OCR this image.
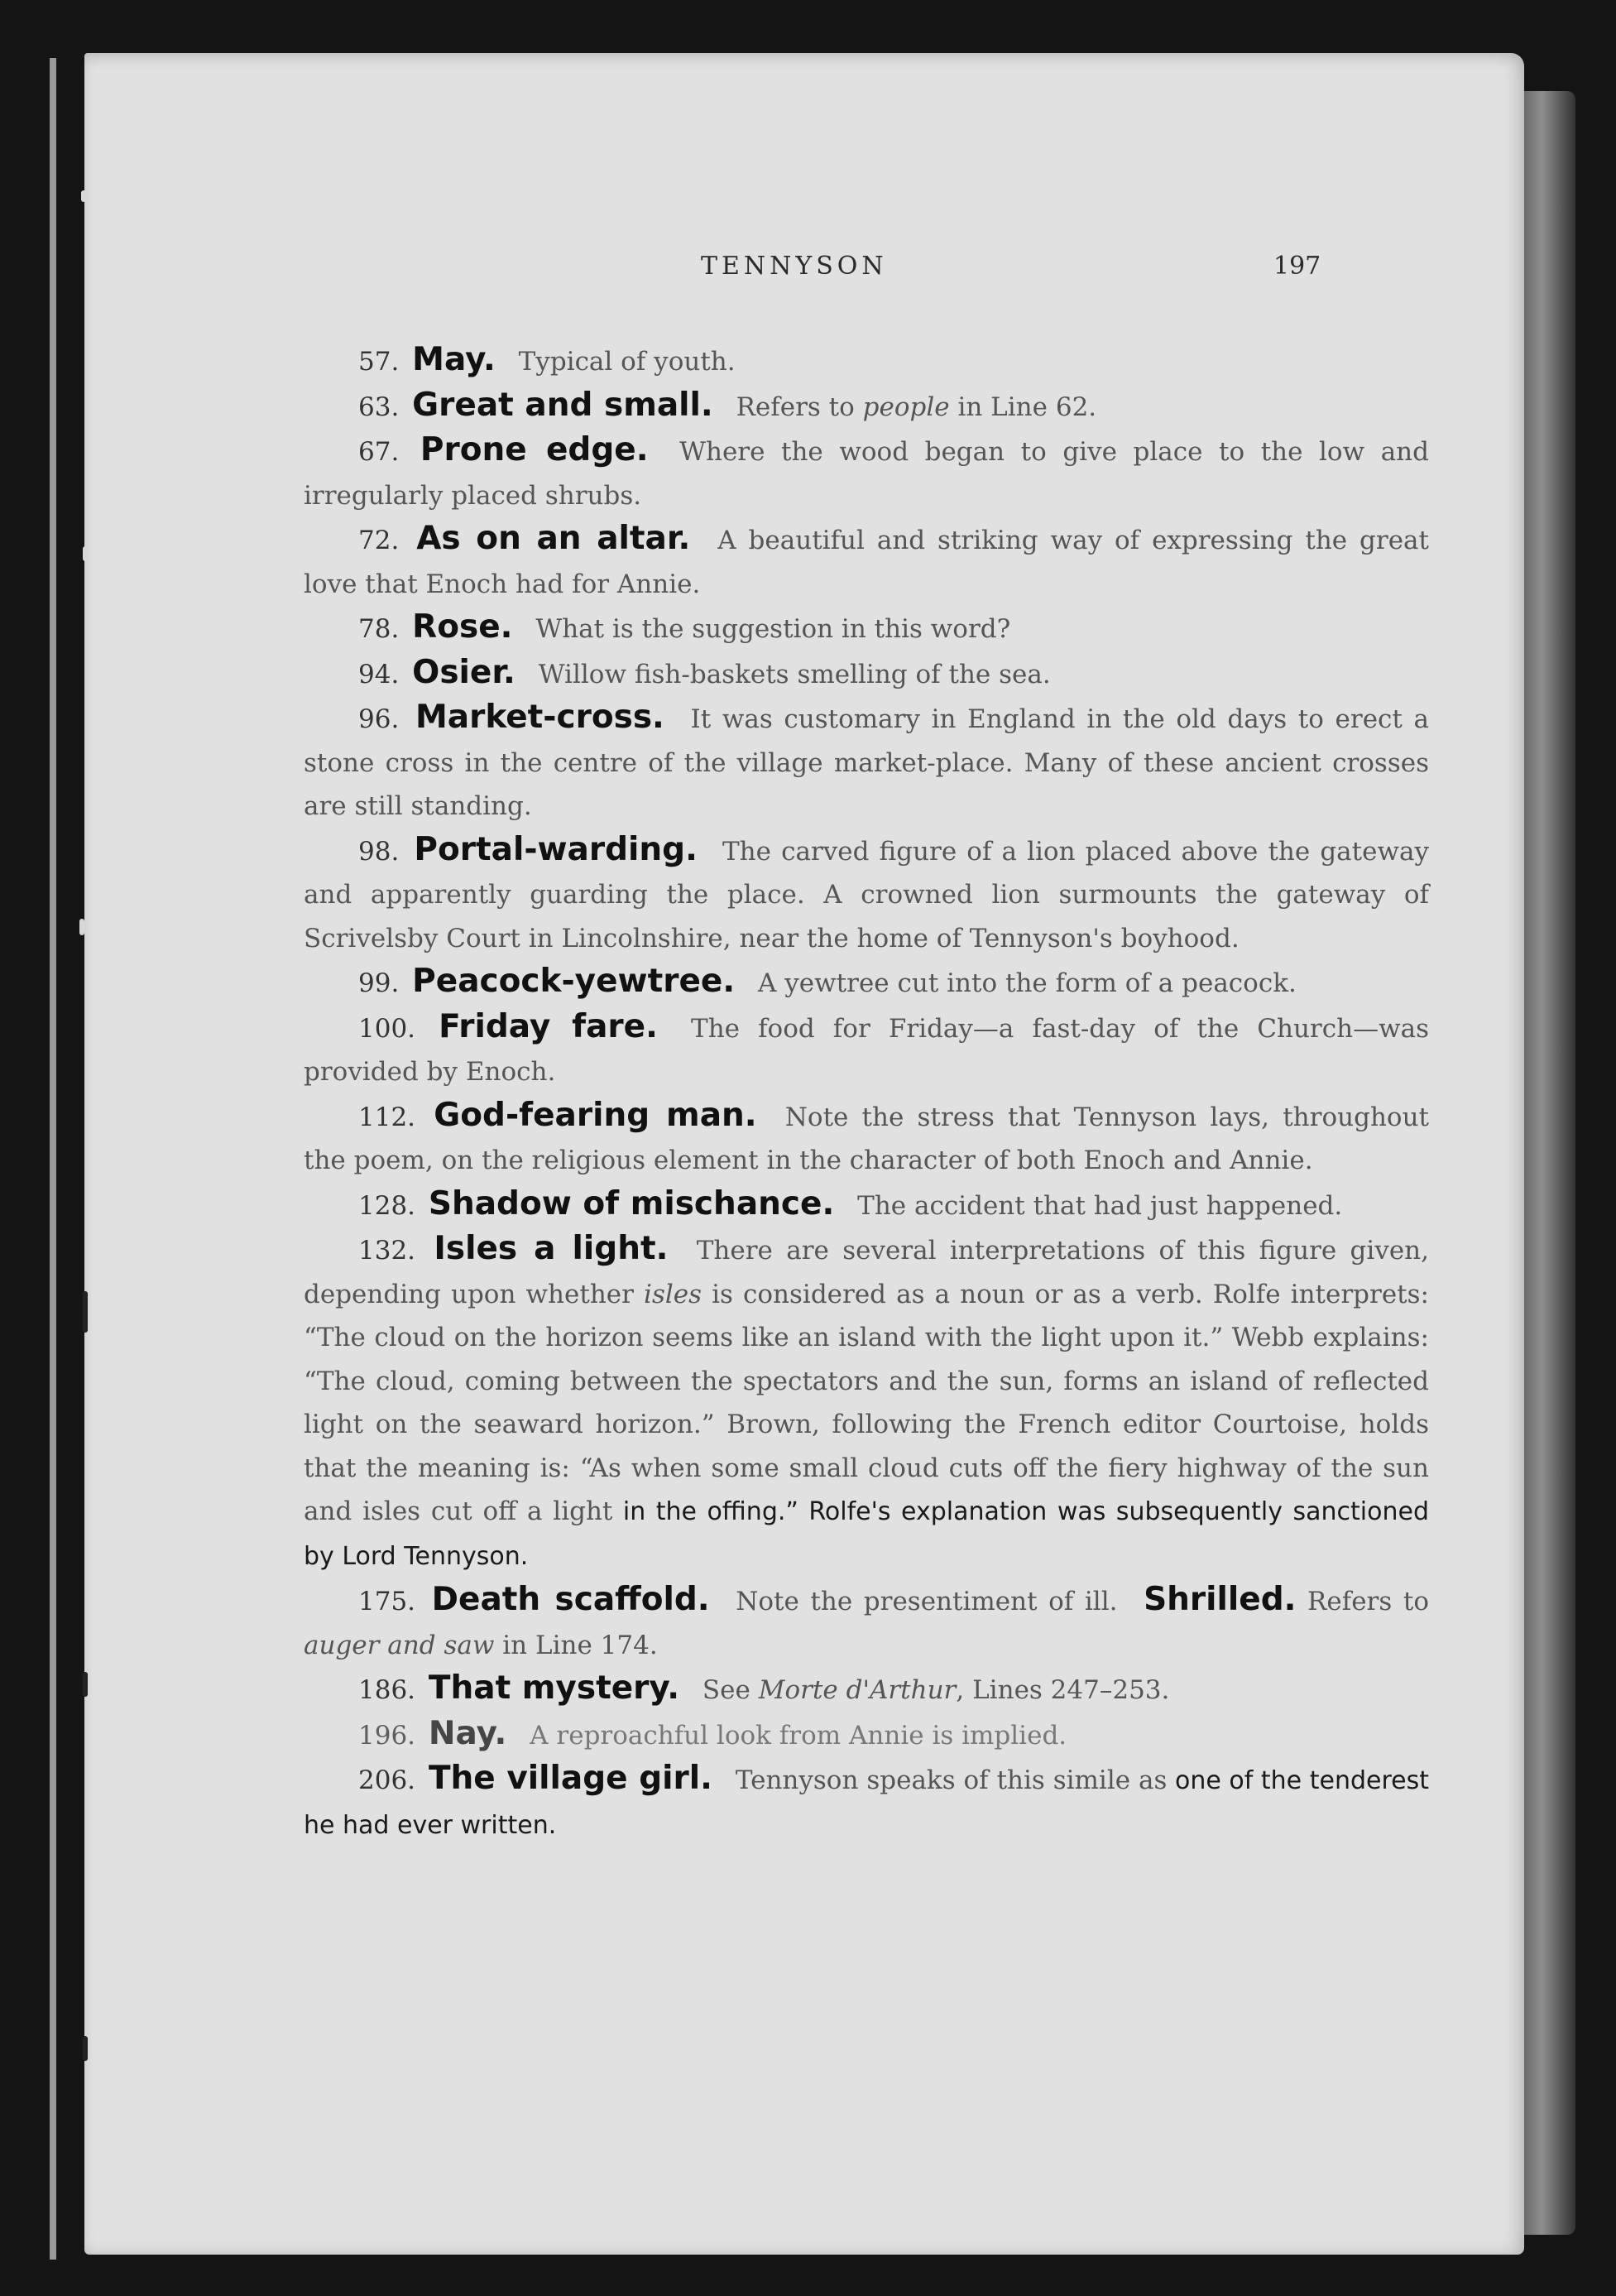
TENNYSON	197

57. May. Typical of youth.

63. Great and small. Refers to people in Line 62.

67. Prone edge. Where the wood began to give place to the low and irregularly placed shrubs.

72. As on an altar. A beautiful and striking way of expressing the great love that Enoch had for Annie.

78. Rose. What is the suggestion in this word?

94. Osier. Willow fish-baskets smelling of the sea.

96. Market-cross. It was customary in England in the old days to erect a stone cross in the centre of the village market-place. Many of these ancient crosses are still standing.

98. Portal-warding. The carved figure of a lion placed above the gateway and apparently guarding the place. A crowned lion surmounts the gateway of Scrivelsby Court in Lincolnshire, near the home of Tennyson's boyhood.

99. Peacock-yewtree. A yewtree cut into the form of a peacock.

100. Friday fare. The food for Friday—a fast-day of the Church—was provided by Enoch.

112. God-fearing man. Note the stress that Tennyson lays, throughout the poem, on the religious element in the character of both Enoch and Annie.

128. Shadow of mischance. The accident that had just happened.

132. Isles a light. There are several interpretations of this figure given, depending upon whether isles is considered as a noun or as a verb. Rolfe interprets: “The cloud on the horizon seems like an island with the light upon it.” Webb explains: “The cloud, coming between the spectators and the sun, forms an island of reflected light on the seaward horizon.” Brown, following the French editor Courtoise, holds that the meaning is: “As when some small cloud cuts off the fiery highway of the sun and isles cut off a light in the offing.” Rolfe's explanation was subsequently sanctioned by Lord Tennyson.

175. Death scaffold. Note the presentiment of ill. Shrilled. Refers to auger and saw in Line 174.

186. That mystery. See Morte d'Arthur, Lines 247–253.

196. Nay. A reproachful look from Annie is implied.

206. The village girl. Tennyson speaks of this simile as one of the tenderest he had ever written.
